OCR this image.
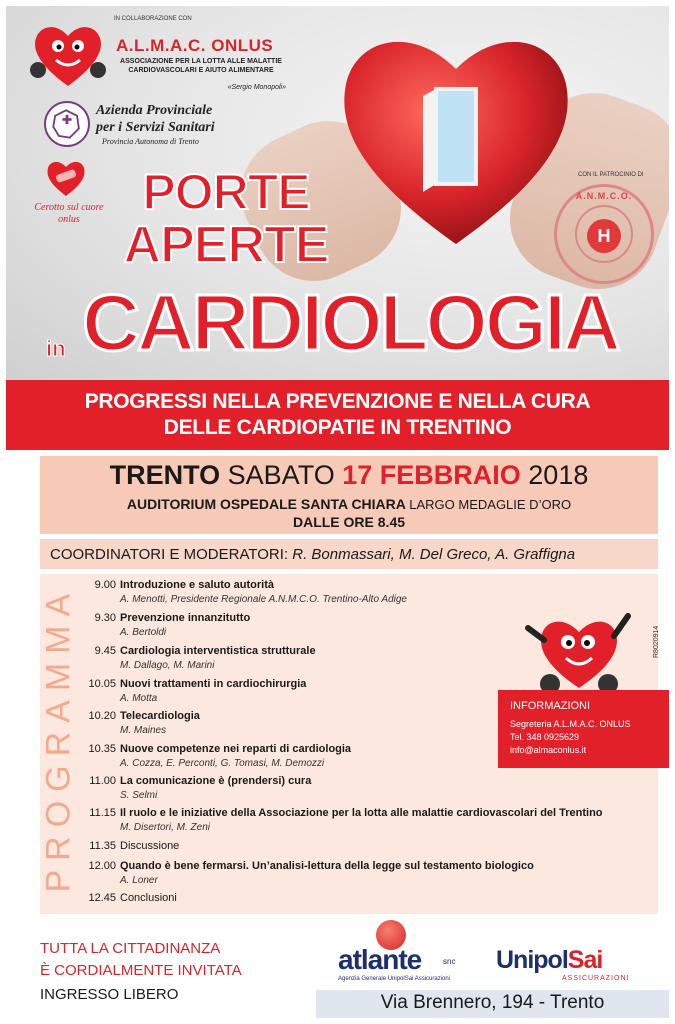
CON IL PATROCINIO DI
A.N.M.C.O.
H
IN COLLABORAZIONE CON
A.L.M.A.C. ONLUS
ASSOCIAZIONE PER LA LOTTA ALLE MALATTIE
CARDIOVASCOLARI E AIUTO ALIMENTARE
«Sergio Monopoli»
Azienda Provinciale
per i Servizi Sanitari
Provincia Autonoma di Trento
Cerotto sul cuore
onlus	PORTE
APERTE
CARDIOLOGIA
in
PROGRESSI NELLA PREVENZIONE E NELLA CURA
DELLE CARDIOPATIE IN TRENTINO
TRENTO SABATO 17 FEBBRAIO 2018
AUDITORIUM OSPEDALE SANTA CHIARA LARGO MEDAGLIE D’ORO
DALLE ORE 8.45
COORDINATORI E MODERATORI: R. Bonmassari, M. Del Greco, A. Graffigna
PROGRAMMA	9.00 Introduzione e saluto autorità
A. Menotti, Presidente Regionale A.N.M.C.O. Trentino-Alto Adige
9.30 Prevenzione innanzitutto
A. Bertoldi
9.45 Cardiologia interventistica strutturale
M. Dallago, M. Marini
10.05 Nuovi trattamenti in cardiochirurgia
A. Motta
10.20 Telecardiologia
M. Maines
10.35 Nuove competenze nei reparti di cardiologia
A. Cozza, E. Perconti, G. Tomasi, M. Demozzi
11.00 La comunicazione è (prendersi) cura
S. Selmi
11.15 Il ruolo e le iniziative della Associazione per la lotta alle malattie cardiovascolari del Trentino
M. Disertori, M. Zeni
11.35 Discussione
12.00 Quando è bene fermarsi. Un’analisi-lettura della legge sul testamento biologico
A. Loner
12.45 Conclusioni
R8020914
INFORMAZIONI
Segreteria A.L.M.A.C. ONLUS
Tel. 348 0925629
info@almaconlus.it
TUTTA LA CITTADINANZA
È CORDIALMENTE INVITATA
INGRESSO LIBERO
atlante	snc
Agenzia Generale UnipolSai Assicurazioni
UnipolSai
ASSICURAZIONI
Via Brennero, 194 - Trento
